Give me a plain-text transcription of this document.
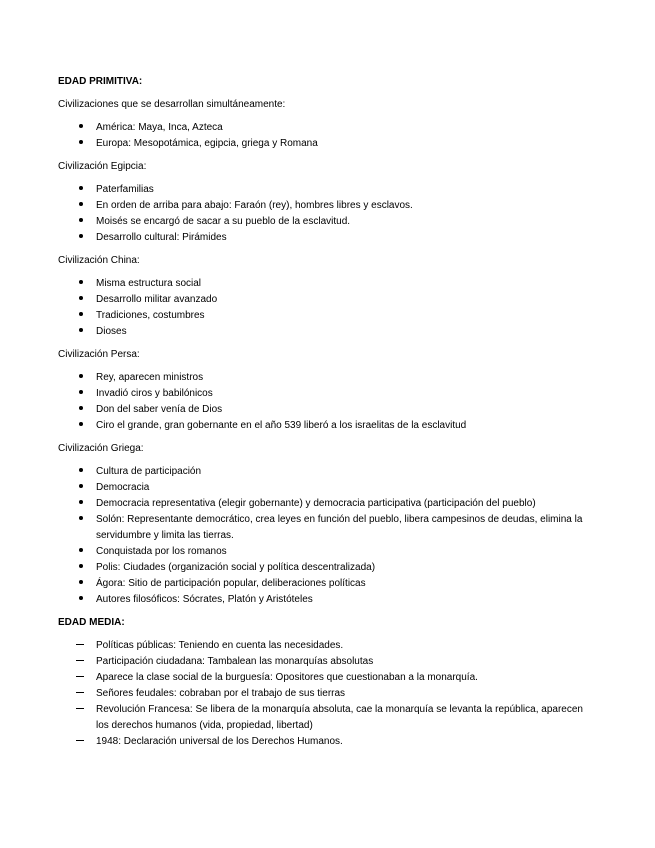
EDAD PRIMITIVA:
Civilizaciones que se desarrollan simultáneamente:
América: Maya, Inca, Azteca
Europa: Mesopotámica, egipcia, griega y Romana
Civilización Egipcia:
Paterfamilias
En orden de arriba para abajo: Faraón (rey), hombres libres y esclavos.
Moisés se encargó de sacar a su pueblo de la esclavitud.
Desarrollo cultural: Pirámides
Civilización China:
Misma estructura social
Desarrollo militar avanzado
Tradiciones, costumbres
Dioses
Civilización Persa:
Rey, aparecen ministros
Invadió ciros y babilónicos
Don del saber venía de Dios
Ciro el grande, gran gobernante en el año 539 liberó a los israelitas de la esclavitud
Civilización Griega:
Cultura de participación
Democracia
Democracia representativa (elegir gobernante) y democracia participativa (participación del pueblo)
Solón: Representante democrático, crea leyes en función del pueblo, libera campesinos de deudas, elimina la servidumbre y limita las tierras.
Conquistada por los romanos
Polis: Ciudades (organización social y política descentralizada)
Ágora: Sitio de participación popular, deliberaciones políticas
Autores filosóficos: Sócrates, Platón y Aristóteles
EDAD MEDIA:
Políticas públicas: Teniendo en cuenta las necesidades.
Participación ciudadana: Tambalean las monarquías absolutas
Aparece la clase social de la burguesía: Opositores que cuestionaban a la monarquía.
Señores feudales: cobraban por el trabajo de sus tierras
Revolución Francesa: Se libera de la monarquía absoluta, cae la monarquía se levanta la república, aparecen los derechos humanos (vida, propiedad, libertad)
1948: Declaración universal de los Derechos Humanos.
